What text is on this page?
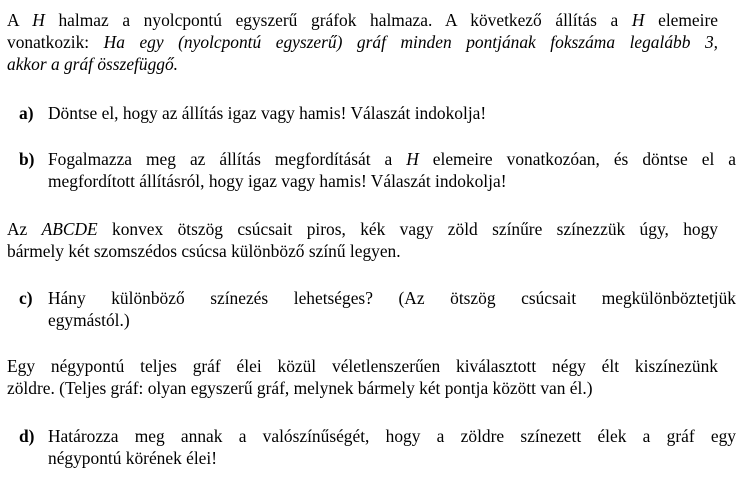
A H halmaz a nyolcpontú egyszerű gráfok halmaza. A következő állítás a H elemeire
vonatkozik: Ha egy (nyolcpontú egyszerű) gráf minden pontjának fokszáma legalább 3,
akkor a gráf összefüggő.
a) Döntse el, hogy az állítás igaz vagy hamis! Válaszát indokolja!
b) Fogalmazza meg az állítás megfordítását a H elemeire vonatkozóan, és döntse el a
megfordított állításról, hogy igaz vagy hamis! Válaszát indokolja!
Az ABCDE konvex ötszög csúcsait piros, kék vagy zöld színűre színezzük úgy, hogy
bármely két szomszédos csúcsa különböző színű legyen.
c) Hány különböző színezés lehetséges? (Az ötszög csúcsait megkülönböztetjük
egymástól.)
Egy négypontú teljes gráf élei közül véletlenszerűen kiválasztott négy élt kiszínezünk
zöldre. (Teljes gráf: olyan egyszerű gráf, melynek bármely két pontja között van él.)
d) Határozza meg annak a valószínűségét, hogy a zöldre színezett élek a gráf egy
négypontú körének élei!
